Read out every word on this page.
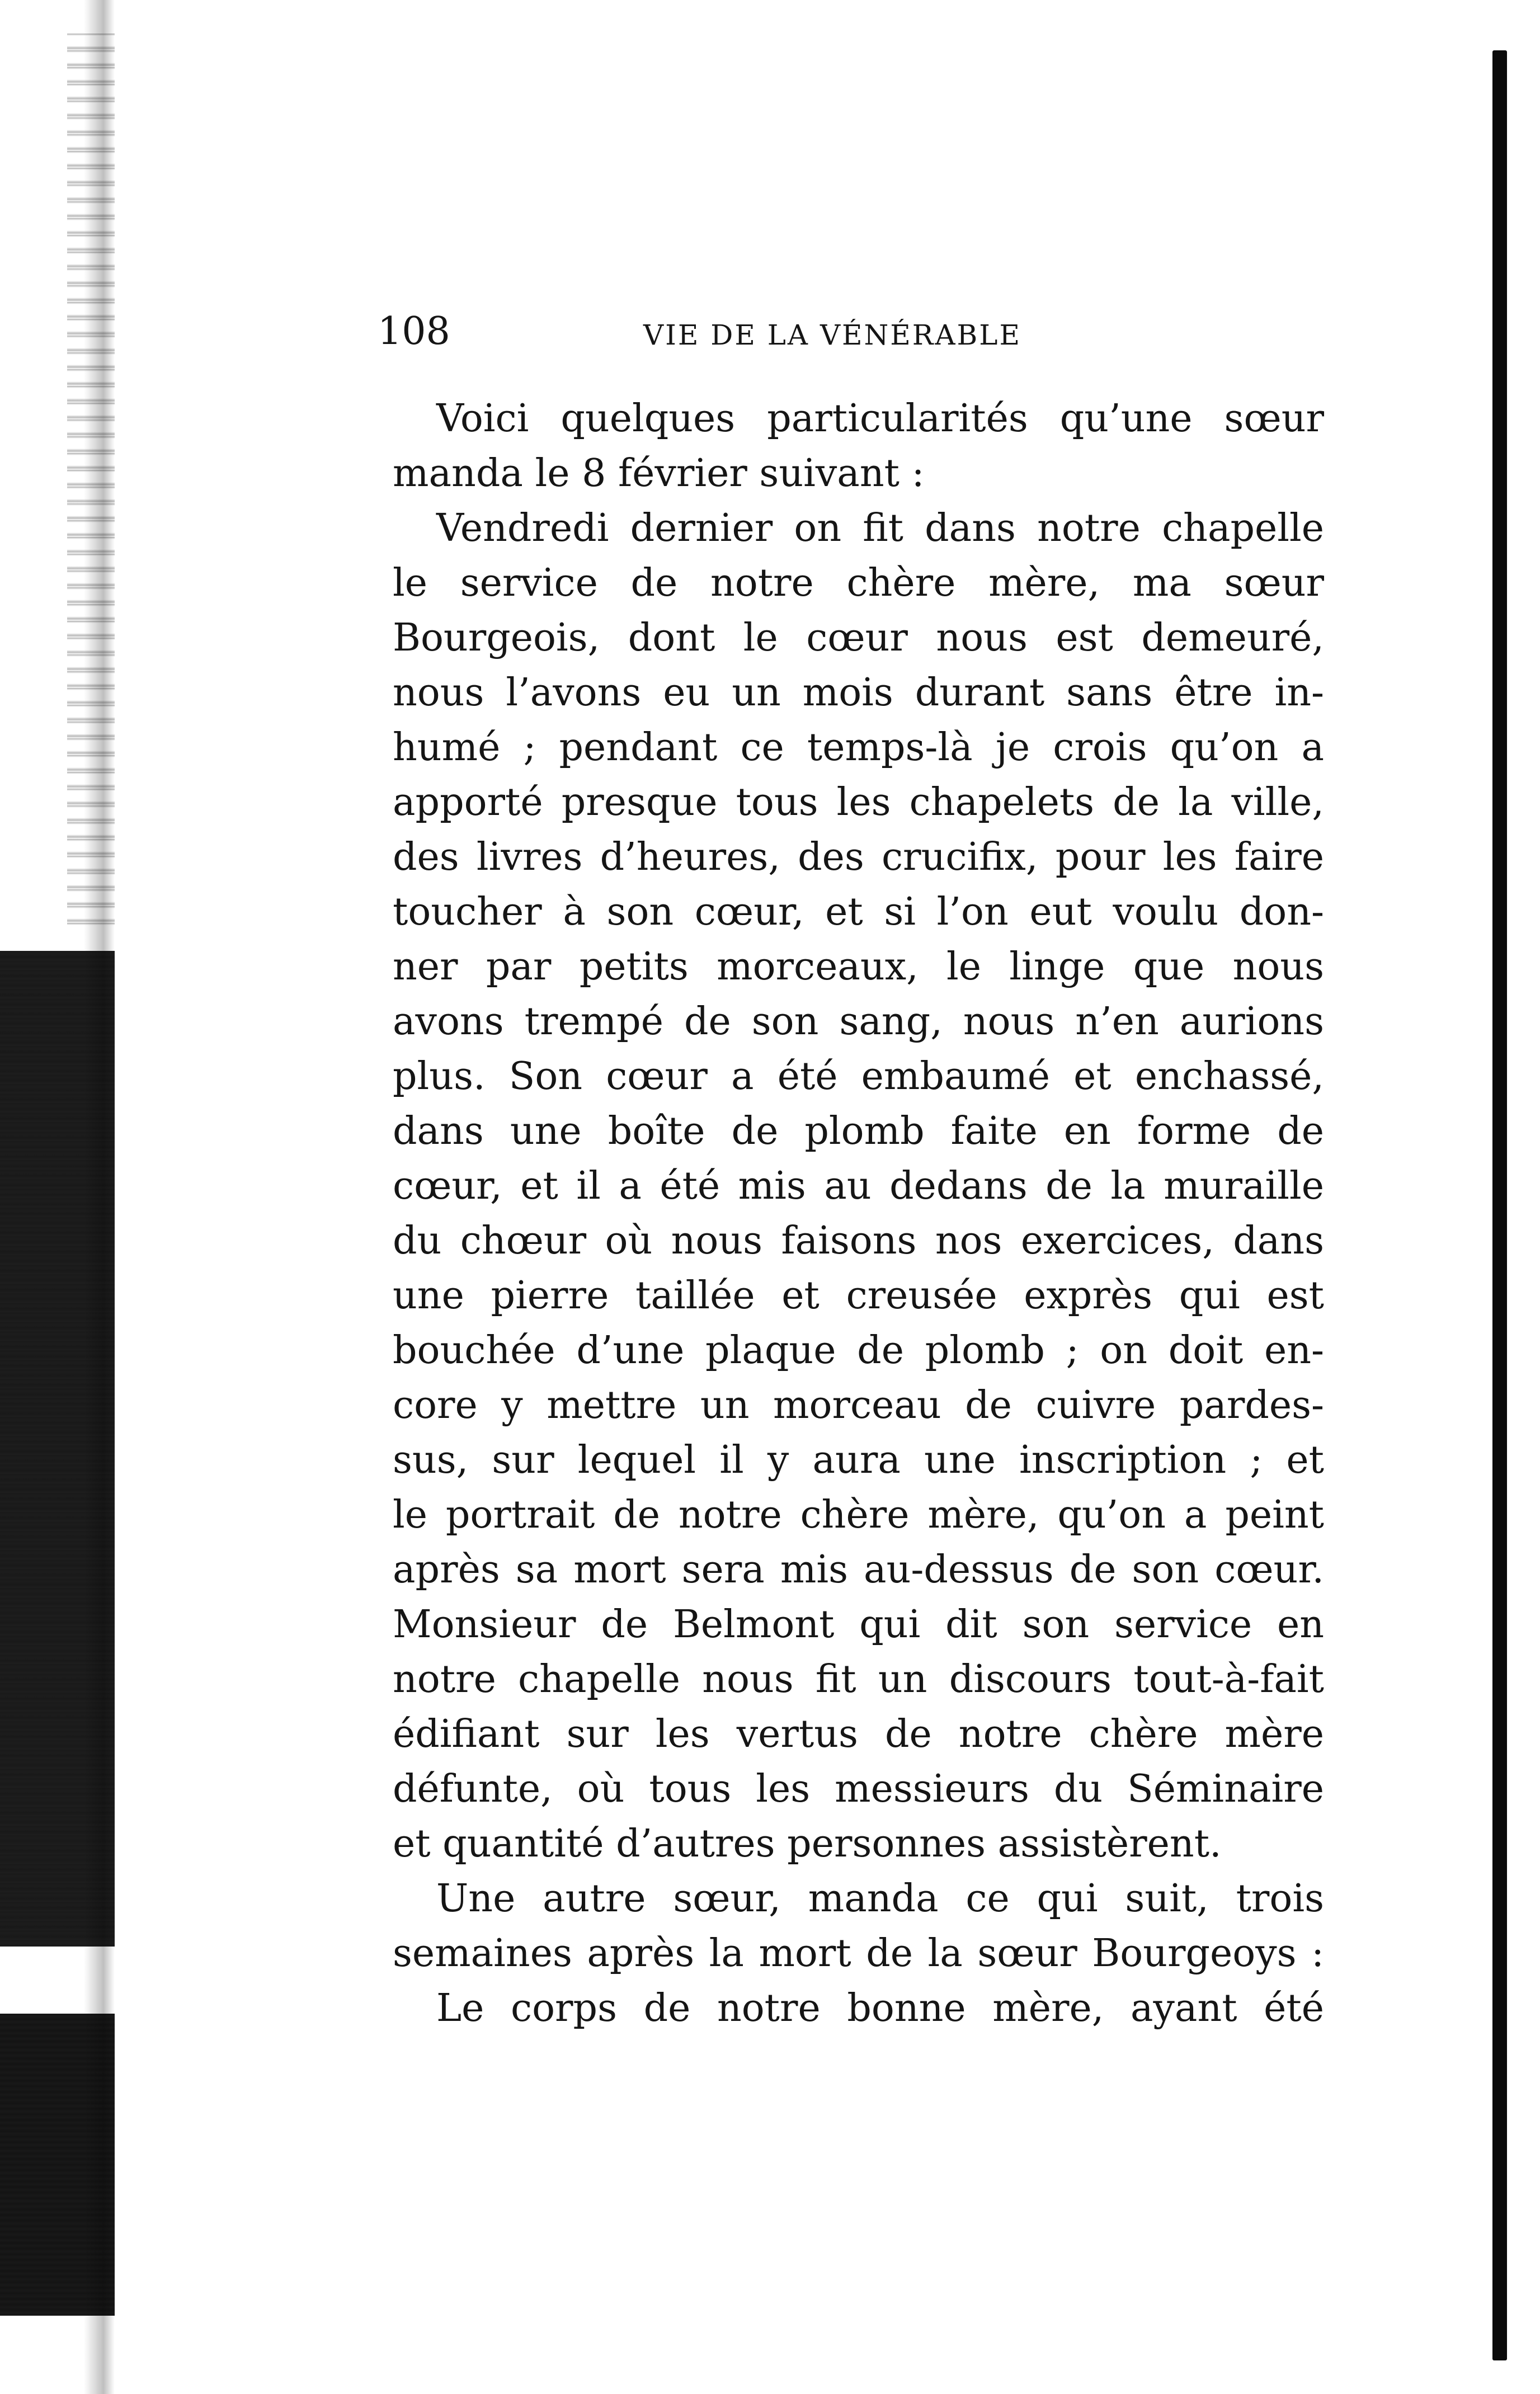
108	VIE DE LA VÉNÉRABLE
Voici quelques particularités qu’une sœur
manda le 8 février suivant :
Vendredi dernier on fit dans notre chapelle
le service de notre chère mère, ma sœur
Bourgeois, dont le cœur nous est demeuré,
nous l’avons eu un mois durant sans être in-
humé ; pendant ce temps-là je crois qu’on a
apporté presque tous les chapelets de la ville,
des livres d’heures, des crucifix, pour les faire
toucher à son cœur, et si l’on eut voulu don-
ner par petits morceaux, le linge que nous
avons trempé de son sang, nous n’en aurions
plus. Son cœur a été embaumé et enchassé,
dans une boîte de plomb faite en forme de
cœur, et il a été mis au dedans de la muraille
du chœur où nous faisons nos exercices, dans
une pierre taillée et creusée exprès qui est
bouchée d’une plaque de plomb ; on doit en-
core y mettre un morceau de cuivre pardes-
sus, sur lequel il y aura une inscription ; et
le portrait de notre chère mère, qu’on a peint
après sa mort sera mis au-dessus de son cœur.
Monsieur de Belmont qui dit son service en
notre chapelle nous fit un discours tout-à-fait
édifiant sur les vertus de notre chère mère
défunte, où tous les messieurs du Séminaire
et quantité d’autres personnes assistèrent.
Une autre sœur, manda ce qui suit, trois
semaines après la mort de la sœur Bourgeoys :
Le corps de notre bonne mère, ayant été
